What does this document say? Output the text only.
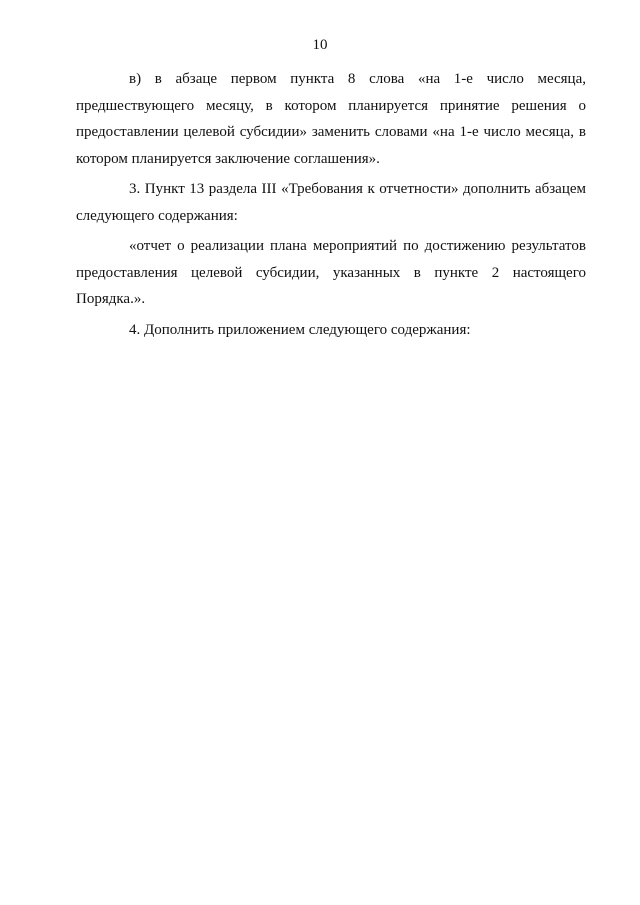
10

в) в абзаце первом пункта 8 слова «на 1-е число месяца, предшествующего месяцу, в котором планируется принятие решения о предоставлении целевой субсидии» заменить словами «на 1-е число месяца, в котором планируется заключение соглашения».

3. Пункт 13 раздела III «Требования к отчетности» дополнить абзацем следующего содержания:

«отчет о реализации плана мероприятий по достижению результатов предоставления целевой субсидии, указанных в пункте 2 настоящего Порядка.».

4. Дополнить приложением следующего содержания:
